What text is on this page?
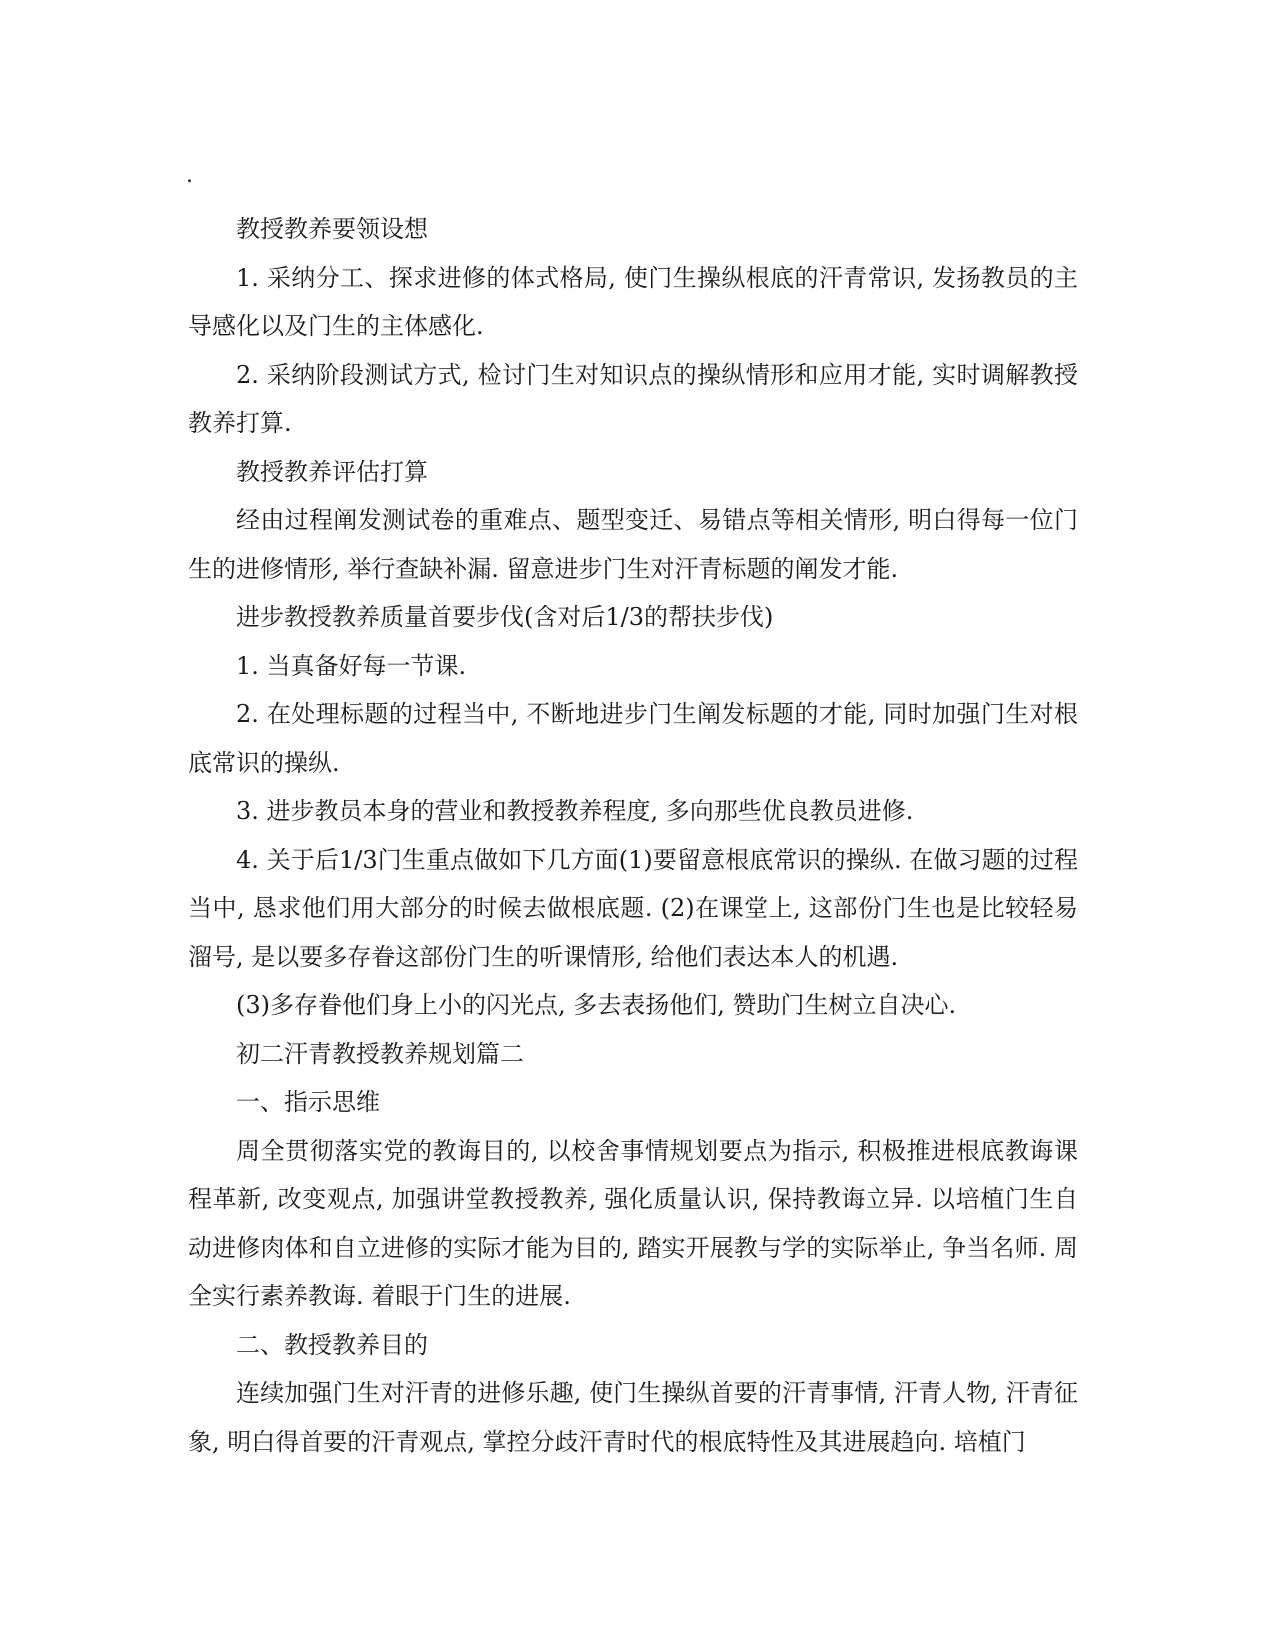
.

教授教养要领设想

1. 采纳分工、探求进修的体式格局, 使门生操纵根底的汗青常识, 发扬教员的主导感化以及门生的主体感化.

2. 采纳阶段测试方式, 检讨门生对知识点的操纵情形和应用才能, 实时调解教授教养打算.

教授教养评估打算

经由过程阐发测试卷的重难点、题型变迁、易错点等相关情形, 明白得每一位门生的进修情形, 举行查缺补漏. 留意进步门生对汗青标题的阐发才能.

进步教授教养质量首要步伐(含对后1/3的帮扶步伐)

1. 当真备好每一节课.

2. 在处理标题的过程当中, 不断地进步门生阐发标题的才能, 同时加强门生对根底常识的操纵.

3. 进步教员本身的营业和教授教养程度, 多向那些优良教员进修.

4. 关于后1/3门生重点做如下几方面(1)要留意根底常识的操纵. 在做习题的过程当中, 恳求他们用大部分的时候去做根底题. (2)在课堂上, 这部份门生也是比较轻易溜号, 是以要多存眷这部份门生的听课情形, 给他们表达本人的机遇.

(3)多存眷他们身上小的闪光点, 多去表扬他们, 赞助门生树立自决心.

初二汗青教授教养规划篇二

一、指示思维

周全贯彻落实党的教诲目的, 以校舍事情规划要点为指示, 积极推进根底教诲课程革新, 改变观点, 加强讲堂教授教养, 强化质量认识, 保持教诲立异. 以培植门生自动进修肉体和自立进修的实际才能为目的, 踏实开展教与学的实际举止, 争当名师. 周全实行素养教诲. 着眼于门生的进展.

二、教授教养目的

连续加强门生对汗青的进修乐趣, 使门生操纵首要的汗青事情, 汗青人物, 汗青征象, 明白得首要的汗青观点, 掌控分歧汗青时代的根底特性及其进展趋向. 培植门
